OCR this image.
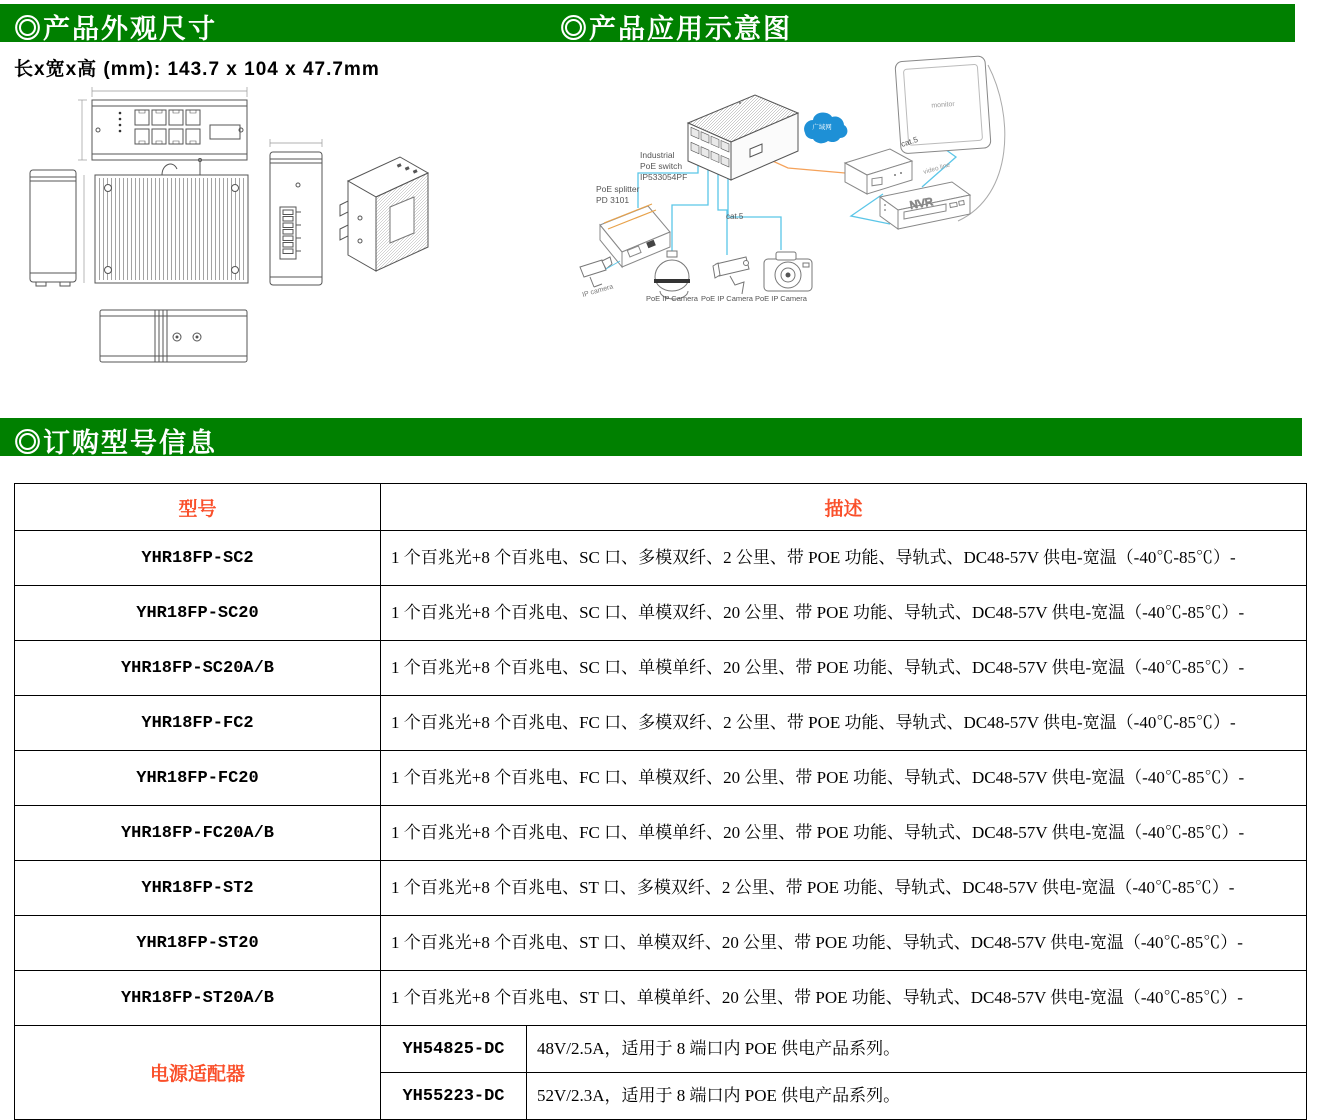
◎产品外观尺寸	◎产品应用示意图
长x宽x高 (mm): 143.7 x 104 x 47.7mm
广域网
monitor
NVR
Industrial
PoE switch
IP533054PF
PoE splitter
PD 3101
cat.5
cat.5
video line
IP camera	PoE IP Camera PoE IP Camera PoE IP Camera
◎订购型号信息
型号	描述	
YHR18FP-SC2	1 个百兆光+8 个百兆电、SC 口、多模双纤、2 公里、带 POE 功能、导轨式、DC48-57V 供电-宽温（-40℃-85℃）-	
YHR18FP-SC20	1 个百兆光+8 个百兆电、SC 口、单模双纤、20 公里、带 POE 功能、导轨式、DC48-57V 供电-宽温（-40℃-85℃）-	
YHR18FP-SC20A/B	1 个百兆光+8 个百兆电、SC 口、单模单纤、20 公里、带 POE 功能、导轨式、DC48-57V 供电-宽温（-40℃-85℃）-	
YHR18FP-FC2	1 个百兆光+8 个百兆电、FC 口、多模双纤、2 公里、带 POE 功能、导轨式、DC48-57V 供电-宽温（-40℃-85℃）-	
YHR18FP-FC20	1 个百兆光+8 个百兆电、FC 口、单模双纤、20 公里、带 POE 功能、导轨式、DC48-57V 供电-宽温（-40℃-85℃）-	
YHR18FP-FC20A/B	1 个百兆光+8 个百兆电、FC 口、单模单纤、20 公里、带 POE 功能、导轨式、DC48-57V 供电-宽温（-40℃-85℃）-	
YHR18FP-ST2	1 个百兆光+8 个百兆电、ST 口、多模双纤、2 公里、带 POE 功能、导轨式、DC48-57V 供电-宽温（-40℃-85℃）-	
YHR18FP-ST20	1 个百兆光+8 个百兆电、ST 口、单模双纤、20 公里、带 POE 功能、导轨式、DC48-57V 供电-宽温（-40℃-85℃）-	
YHR18FP-ST20A/B	1 个百兆光+8 个百兆电、ST 口、单模单纤、20 公里、带 POE 功能、导轨式、DC48-57V 供电-宽温（-40℃-85℃）-	
电源适配器	YH54825-DC	48V/2.5A，适用于 8 端口内 POE 供电产品系列。
	YH55223-DC	52V/2.3A，适用于 8 端口内 POE 供电产品系列。
